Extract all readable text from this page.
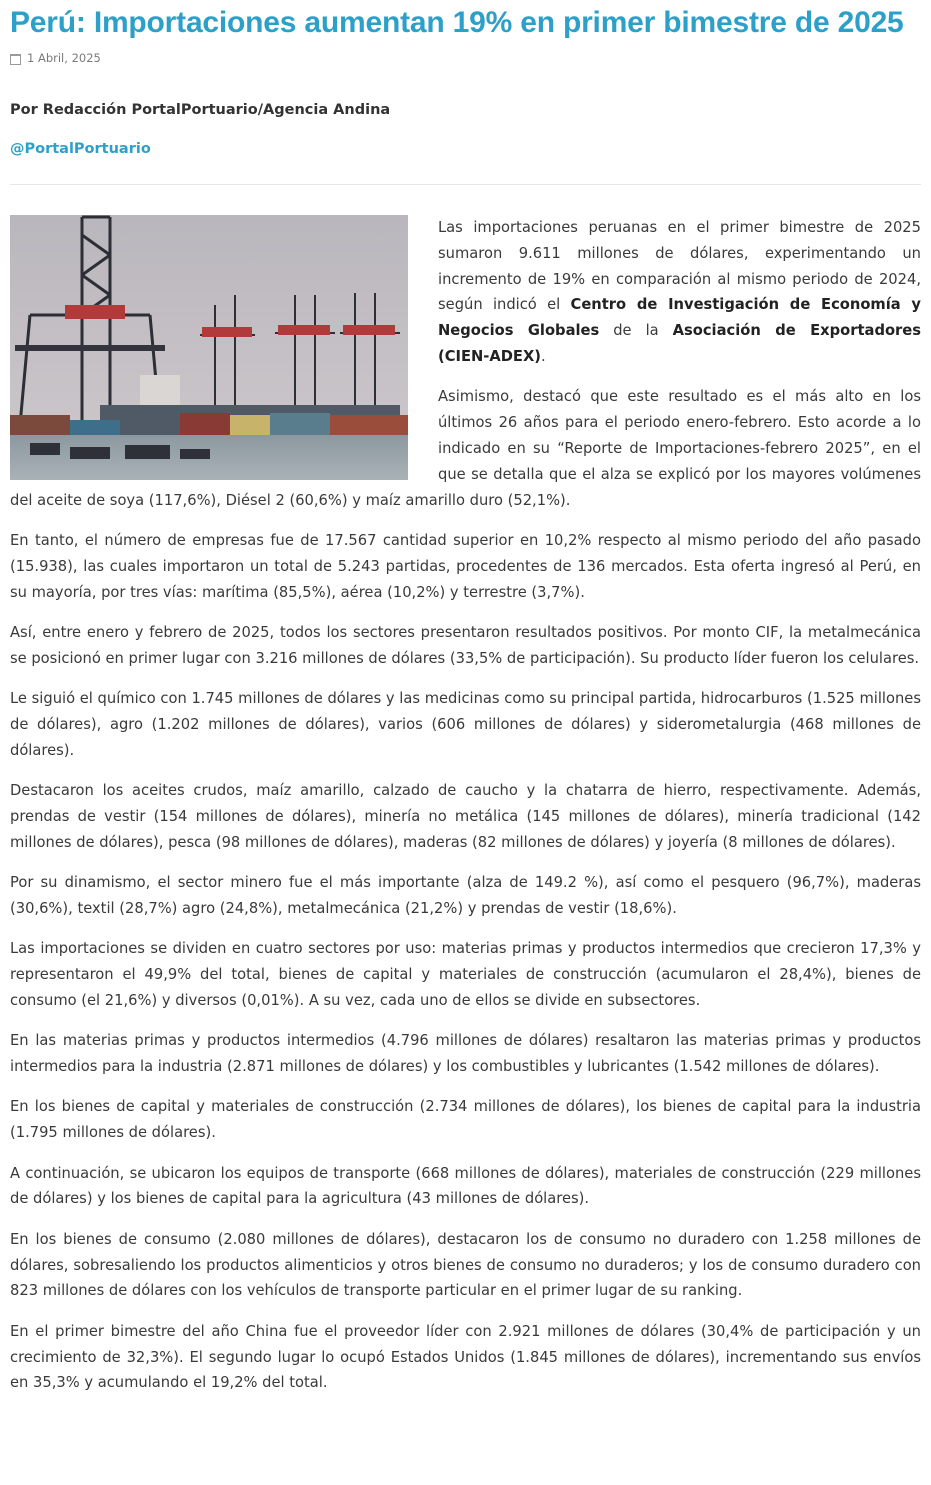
Perú: Importaciones aumentan 19% en primer bimestre de 2025
1 Abril, 2025
Por Redacción PortalPortuario/Agencia Andina
@PortalPortuario

Las importaciones peruanas en el primer bimestre de 2025 sumaron 9.611 millones de dólares, experimentando un incremento de 19% en comparación al mismo periodo de 2024, según indicó el Centro de Investigación de Economía y Negocios Globales de la Asociación de Exportadores (CIEN-ADEX).

Asimismo, destacó que este resultado es el más alto en los últimos 26 años para el periodo enero-febrero. Esto acorde a lo indicado en su “Reporte de Importaciones-febrero 2025”, en el que se detalla que el alza se explicó por los mayores volúmenes del aceite de soya (117,6%), Diésel 2 (60,6%) y maíz amarillo duro (52,1%).

En tanto, el número de empresas fue de 17.567 cantidad superior en 10,2% respecto al mismo periodo del año pasado (15.938), las cuales importaron un total de 5.243 partidas, procedentes de 136 mercados. Esta oferta ingresó al Perú, en su mayoría, por tres vías: marítima (85,5%), aérea (10,2%) y terrestre (3,7%).

Así, entre enero y febrero de 2025, todos los sectores presentaron resultados positivos. Por monto CIF, la metalmecánica se posicionó en primer lugar con 3.216 millones de dólares (33,5% de participación). Su producto líder fueron los celulares.

Le siguió el químico con 1.745 millones de dólares y las medicinas como su principal partida, hidrocarburos (1.525 millones de dólares), agro (1.202 millones de dólares), varios (606 millones de dólares) y siderometalurgia (468 millones de dólares).

Destacaron los aceites crudos, maíz amarillo, calzado de caucho y la chatarra de hierro, respectivamente. Además, prendas de vestir (154 millones de dólares), minería no metálica (145 millones de dólares), minería tradicional (142 millones de dólares), pesca (98 millones de dólares), maderas (82 millones de dólares) y joyería (8 millones de dólares).

Por su dinamismo, el sector minero fue el más importante (alza de 149.2 %), así como el pesquero (96,7%), maderas (30,6%), textil (28,7%) agro (24,8%), metalmecánica (21,2%) y prendas de vestir (18,6%).

Las importaciones se dividen en cuatro sectores por uso: materias primas y productos intermedios que crecieron 17,3% y representaron el 49,9% del total, bienes de capital y materiales de construcción (acumularon el 28,4%), bienes de consumo (el 21,6%) y diversos (0,01%). A su vez, cada uno de ellos se divide en subsectores.

En las materias primas y productos intermedios (4.796 millones de dólares) resaltaron las materias primas y productos intermedios para la industria (2.871 millones de dólares) y los combustibles y lubricantes (1.542 millones de dólares).

En los bienes de capital y materiales de construcción (2.734 millones de dólares), los bienes de capital para la industria (1.795 millones de dólares).

A continuación, se ubicaron los equipos de transporte (668 millones de dólares), materiales de construcción (229 millones de dólares) y los bienes de capital para la agricultura (43 millones de dólares).

En los bienes de consumo (2.080 millones de dólares), destacaron los de consumo no duradero con 1.258 millones de dólares, sobresaliendo los productos alimenticios y otros bienes de consumo no duraderos; y los de consumo duradero con 823 millones de dólares con los vehículos de transporte particular en el primer lugar de su ranking.

En el primer bimestre del año China fue el proveedor líder con 2.921 millones de dólares (30,4% de participación y un crecimiento de 32,3%). El segundo lugar lo ocupó Estados Unidos (1.845 millones de dólares), incrementando sus envíos en 35,3% y acumulando el 19,2% del total.
